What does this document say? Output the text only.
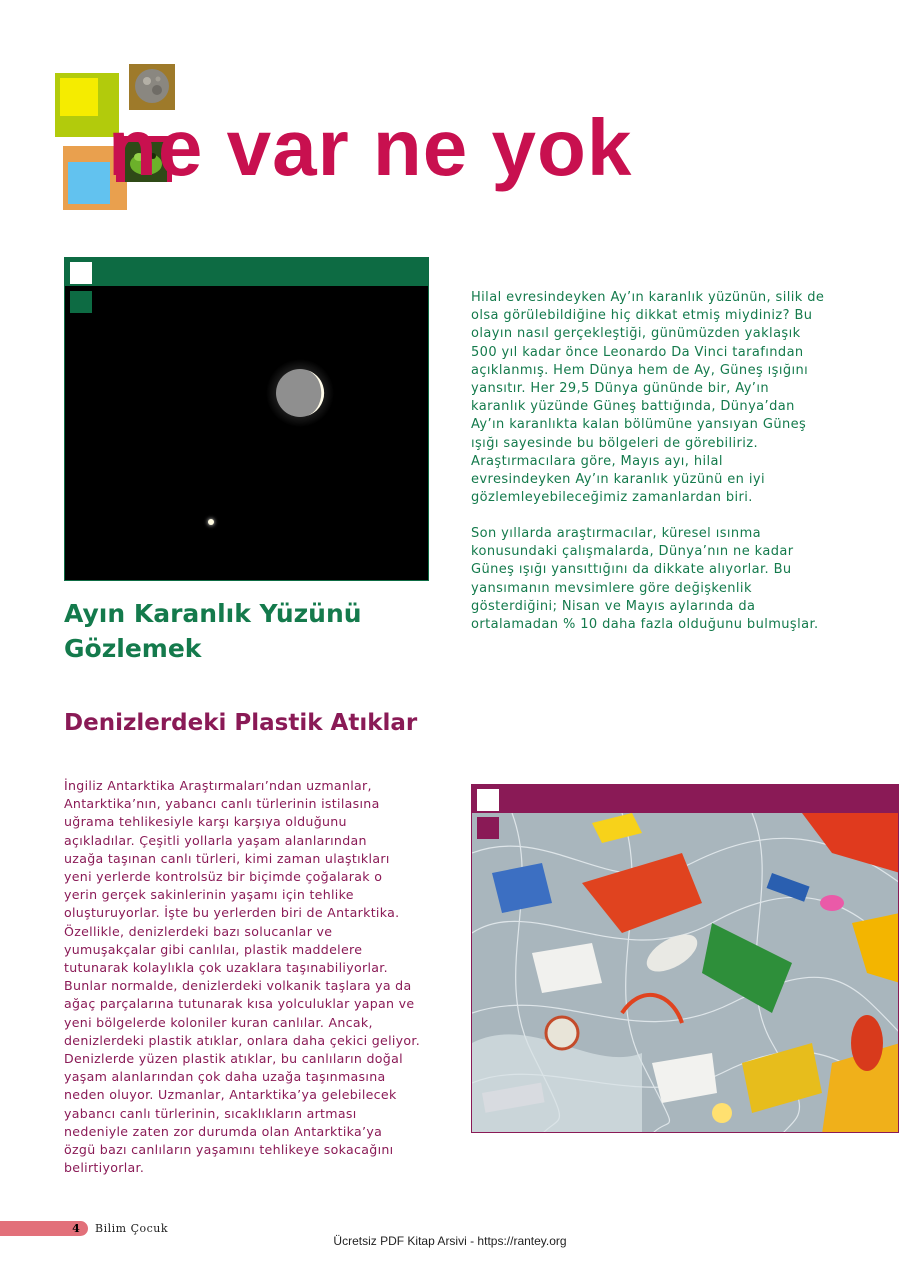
ne var ne yok
Ayın Karanlık Yüzünü
Gözlemek
Hilal evresindeyken Ay’ın karanlık yüzünün, silik de
olsa görülebildiğine hiç dikkat etmiş miydiniz? Bu
olayın nasıl gerçekleştiği, günümüzden yaklaşık
500 yıl kadar önce Leonardo Da Vinci tarafından
açıklanmış. Hem Dünya hem de Ay, Güneş ışığını
yansıtır. Her 29,5 Dünya gününde bir, Ay’ın
karanlık yüzünde Güneş battığında, Dünya’dan
Ay’ın karanlıkta kalan bölümüne yansıyan Güneş
ışığı sayesinde bu bölgeleri de görebiliriz.
Araştırmacılara göre, Mayıs ayı, hilal
evresindeyken Ay’ın karanlık yüzünü en iyi
gözlemleyebileceğimiz zamanlardan biri.
Son yıllarda araştırmacılar, küresel ısınma
konusundaki çalışmalarda, Dünya’nın ne kadar
Güneş ışığı yansıttığını da dikkate alıyorlar. Bu
yansımanın mevsimlere göre değişkenlik
gösterdiğini; Nisan ve Mayıs aylarında da
ortalamadan % 10 daha fazla olduğunu bulmuşlar.
Denizlerdeki Plastik Atıklar
İngiliz Antarktika Araştırmaları’ndan uzmanlar,
Antarktika’nın, yabancı canlı türlerinin istilasına
uğrama tehlikesiyle karşı karşıya olduğunu
açıkladılar. Çeşitli yollarla yaşam alanlarından
uzağa taşınan canlı türleri, kimi zaman ulaştıkları
yeni yerlerde kontrolsüz bir biçimde çoğalarak o
yerin gerçek sakinlerinin yaşamı için tehlike
oluşturuyorlar. İşte bu yerlerden biri de Antarktika.
Özellikle, denizlerdeki bazı solucanlar ve
yumuşakçalar gibi canlılaı, plastik maddelere
tutunarak kolaylıkla çok uzaklara taşınabiliyorlar.
Bunlar normalde, denizlerdeki volkanik taşlara ya da
ağaç parçalarına tutunarak kısa yolculuklar yapan ve
yeni bölgelerde koloniler kuran canlılar. Ancak,
denizlerdeki plastik atıklar, onlara daha çekici geliyor.
Denizlerde yüzen plastik atıklar, bu canlıların doğal
yaşam alanlarından çok daha uzağa taşınmasına
neden oluyor. Uzmanlar, Antarktika’ya gelebilecek
yabancı canlı türlerinin, sıcaklıkların artması
nedeniyle zaten zor durumda olan Antarktika’ya
özgü bazı canlıların yaşamını tehlikeye sokacağını
belirtiyorlar.
4	Bilim Çocuk
Ücretsiz PDF Kitap Arsivi - https://rantey.org
